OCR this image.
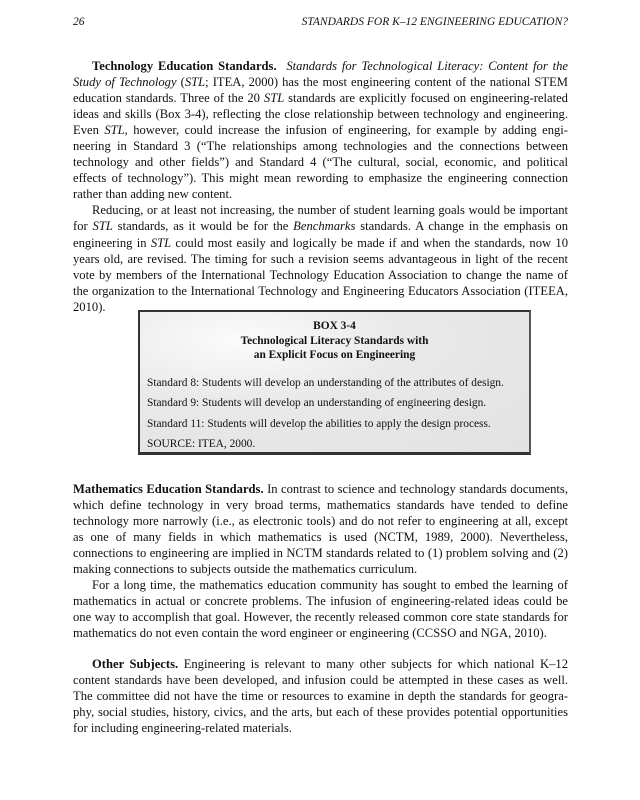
26	STANDARDS FOR K–12 ENGINEERING EDUCATION?

Technology Education Standards. Standards for Technological Literacy: Content for the Study of Technology (STL; ITEA, 2000) has the most engineering content of the national STEM education standards. Three of the 20 STL standards are explicitly focused on engineering-related ideas and skills (Box 3-4), reflecting the close relationship between technology and engineering. Even STL, however, could increase the infusion of engineering, for example by adding engineering in Standard 3 (“The relationships among technologies and the connections between technology and other fields”) and Standard 4 (“The cultural, social, economic, and political effects of technology”). This might mean rewording to emphasize the engineering connection rather than adding new content.

Reducing, or at least not increasing, the number of student learning goals would be important for STL standards, as it would be for the Benchmarks standards. A change in the emphasis on engineering in STL could most easily and logically be made if and when the standards, now 10 years old, are revised. The timing for such a revision seems advantageous in light of the recent vote by members of the International Technology Education Association to change the name of the organization to the International Technology and Engineering Educators Association (ITEEA, 2010).

BOX 3-4
Technological Literacy Standards with
an Explicit Focus on Engineering
Standard 8: Students will develop an understanding of the attributes of design.
Standard 9: Students will develop an understanding of engineering design.
Standard 11: Students will develop the abilities to apply the design process.
SOURCE: ITEA, 2000.

Mathematics Education Standards. In contrast to science and technology standards documents, which define technology in very broad terms, mathematics standards have tended to define technology more narrowly (i.e., as electronic tools) and do not refer to engineering at all, except as one of many fields in which mathematics is used (NCTM, 1989, 2000). Nevertheless, connections to engineering are implied in NCTM standards related to (1) problem solving and (2) making connections to subjects outside the mathematics curriculum.

For a long time, the mathematics education community has sought to embed the learning of mathematics in actual or concrete problems. The infusion of engineering-related ideas could be one way to accomplish that goal. However, the recently released common core state standards for mathematics do not even contain the word engineer or engineering (CCSSO and NGA, 2010).

Other Subjects. Engineering is relevant to many other subjects for which national K–12 content standards have been developed, and infusion could be attempted in these cases as well. The committee did not have the time or resources to examine in depth the standards for geography, social studies, history, civics, and the arts, but each of these provides potential opportunities for including engineering-related materials.
